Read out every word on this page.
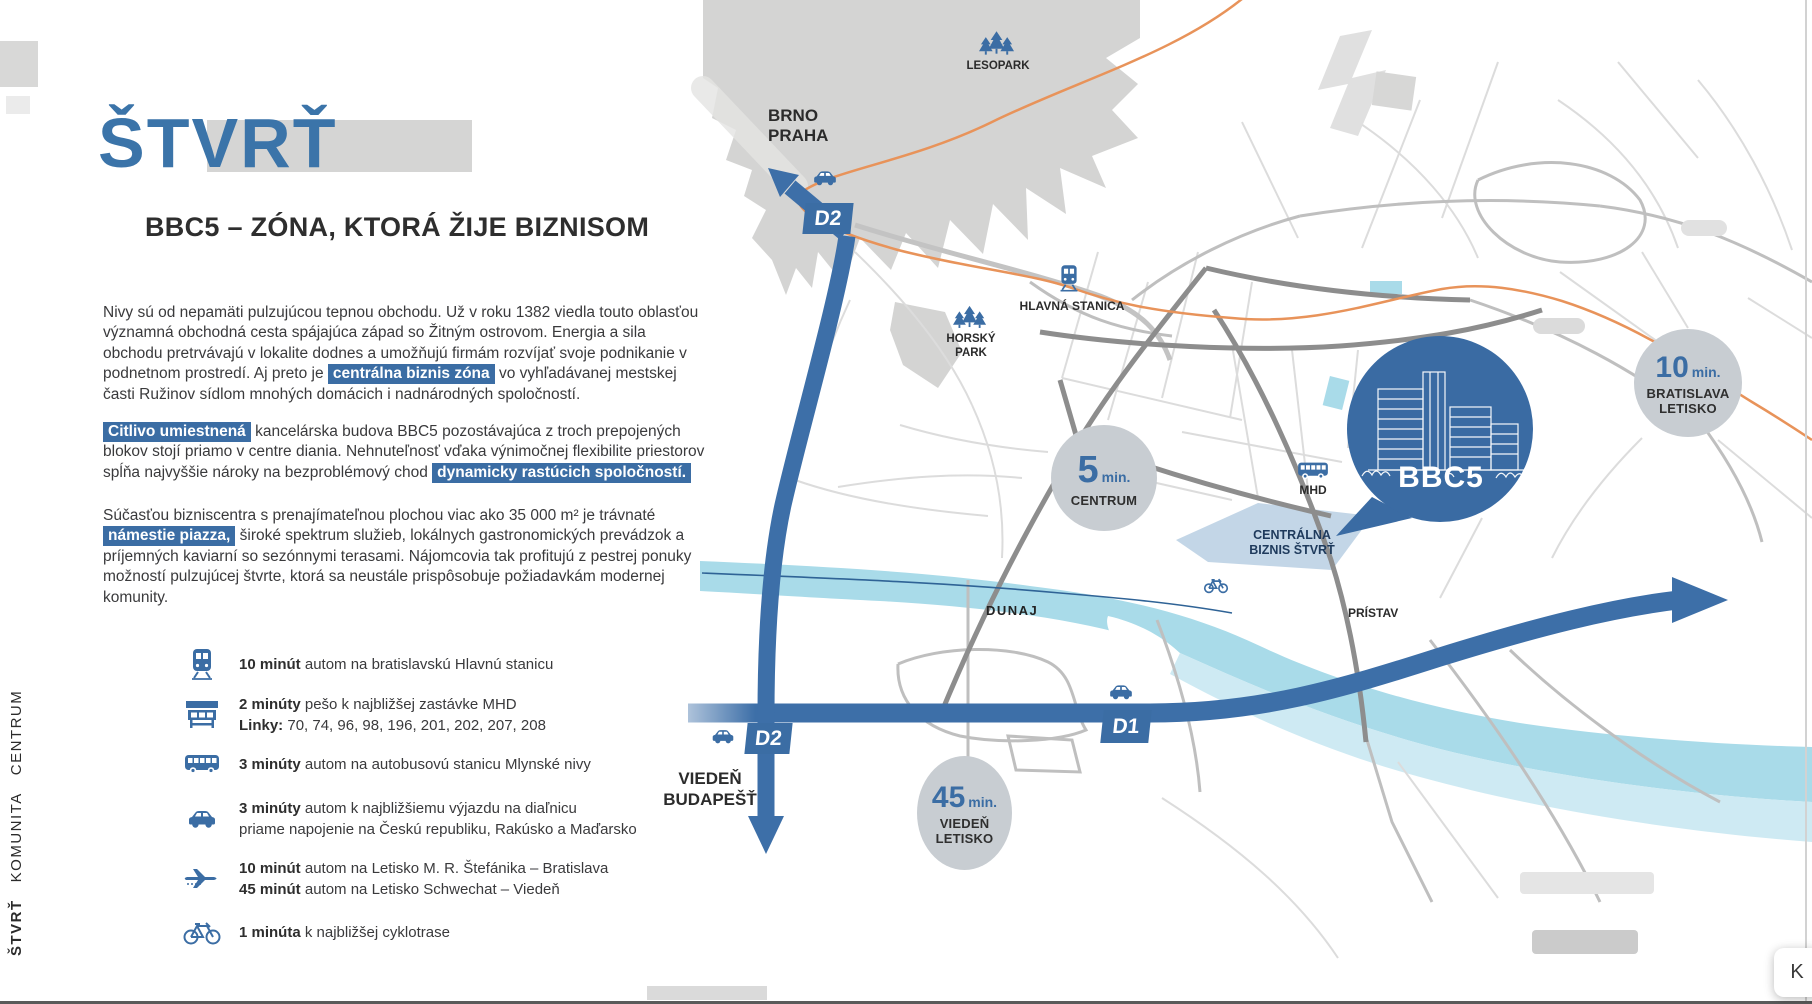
ŠTVRŤ
BBC5 – ZÓNA, KTORÁ ŽIJE BIZNISOM

Nivy sú od nepamäti pulzujúcou tepnou obchodu. Už v roku 1382 viedla touto oblasťou významná obchodná cesta spájajúca západ so Žitným ostrovom. Energia a sila obchodu pretrvávajú v lokalite dodnes a umožňujú firmám rozvíjať svoje podnikanie v podnetnom prostredí. Aj preto je centrálna biznis zóna vo vyhľadávanej mestskej časti Ružinov sídlom mnohých domácich i nadnárodných spoločností.

Citlivo umiestnená kancelárska budova BBC5 pozostávajúca z troch prepojených blokov stojí priamo v centre diania. Nehnuteľnosť vďaka výnimočnej flexibilite priestorov spĺňa najvyššie nároky na bezproblémový chod dynamicky rastúcich spoločností.

Súčasťou bizniscentra s prenajímateľnou plochou viac ako 35 000 m² je trávnaté námestie piazza, široké spektrum služieb, lokálnych gastronomických prevádzok a príjemných kaviarní so sezónnymi terasami. Nájomcovia tak profitujú z pestrej ponuky možností pulzujúcej štvrte, ktorá sa neustále prispôsobuje požiadavkám modernej komunity.

10 minút autom na bratislavskú Hlavnú stanicu
2 minúty pešo k najbližšej zastávke MHD
Linky: 70, 74, 96, 98, 196, 201, 202, 207, 208
3 minúty autom na autobusovú stanicu Mlynské nivy
3 minúty autom k najbližšiemu výjazdu na diaľnicu
priame napojenie na Českú republiku, Rakúsko a Maďarsko
10 minút autom na Letisko M. R. Štefánika – Bratislava
45 minút autom na Letisko Schwechat – Viedeň
1 minúta k najbližšej cyklotrase
ŠTVRŤ
KOMUNITA
CENTRUM
BRNO
PRAHA
D2
LESOPARK
HLAVNÁ STANICA
HORSKÝ
PARK
5 min.
CENTRUM
MHD
CENTRÁLNA
BIZNIS ŠTVRŤ
BBC5
10 min.
BRATISLAVA
LETISKO
DUNAJ	PRÍSTAV
D1
45 min.
VIEDEŇ
LETISKO
D2
VIEDEŇ
BUDAPEŠŤ
K
